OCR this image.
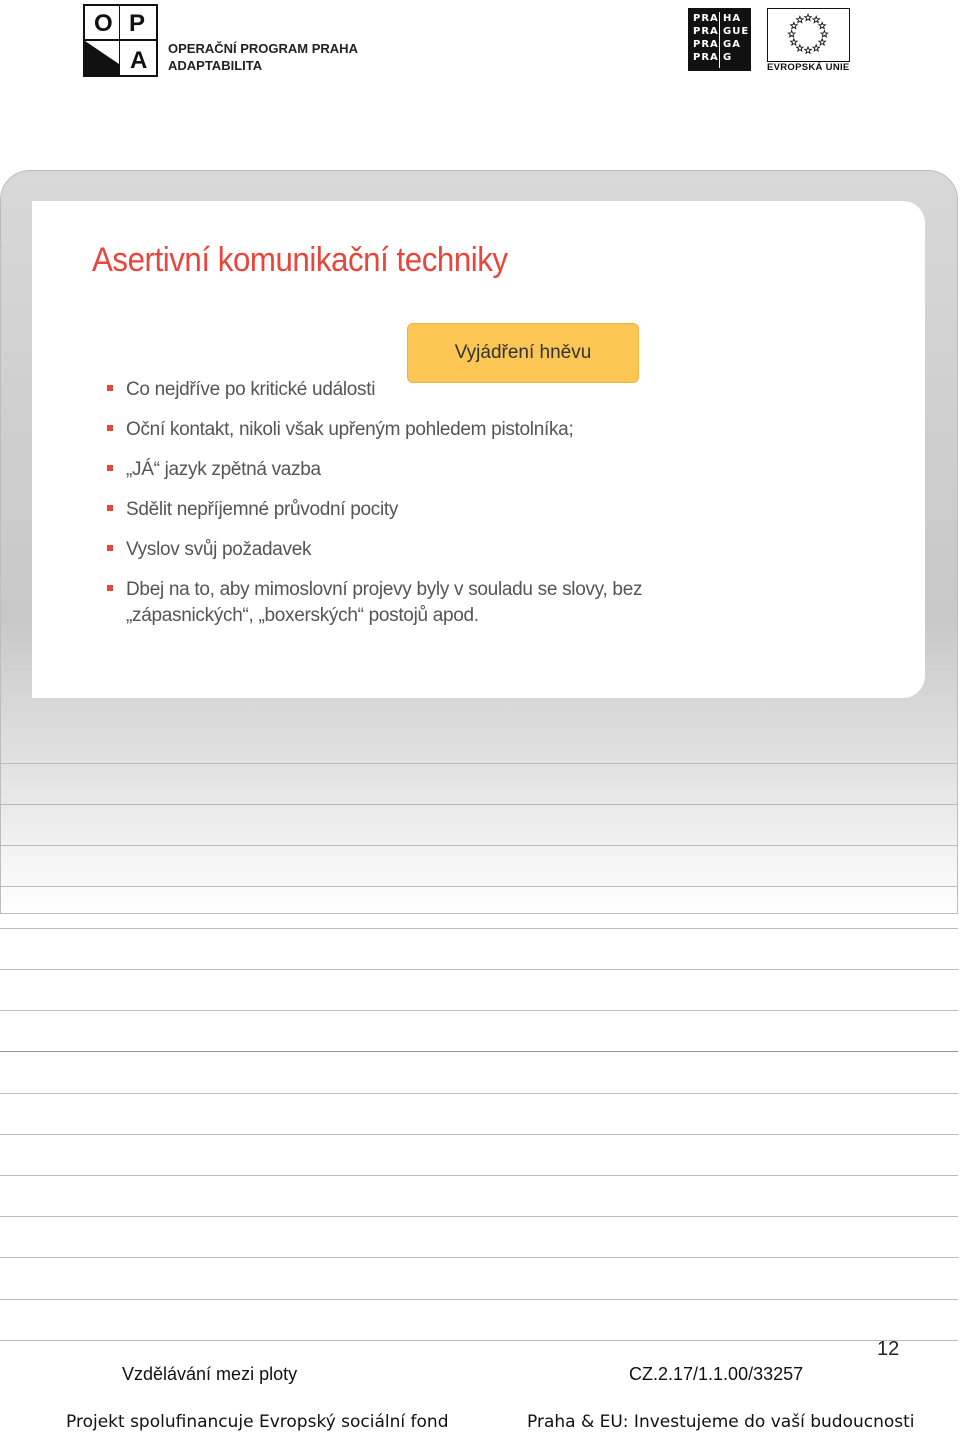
O P
A OPERAČNÍ PROGRAM PRAHA
ADAPTABILITA
PRA
PRA
PRA
PRA
HA
GUE
GA
G
EVROPSKÁ UNIE
Asertivní komunikační techniky
Vyjádření hněvu
Co nejdříve po kritické události
Oční kontakt, nikoli však upřeným pohledem pistolníka;
„JÁ“ jazyk zpětná vazba
Sdělit nepříjemné průvodní pocity
Vyslov svůj požadavek
Dbej na to, aby mimoslovní projevy byly v souladu se slovy, bez „zápasnických“, „boxerských“ postojů apod.
12
Vzdělávání mezi ploty	CZ.2.17/1.1.00/33257
Projekt spolufinancuje Evropský sociální fond	Praha & EU: Investujeme do vaší budoucnosti
